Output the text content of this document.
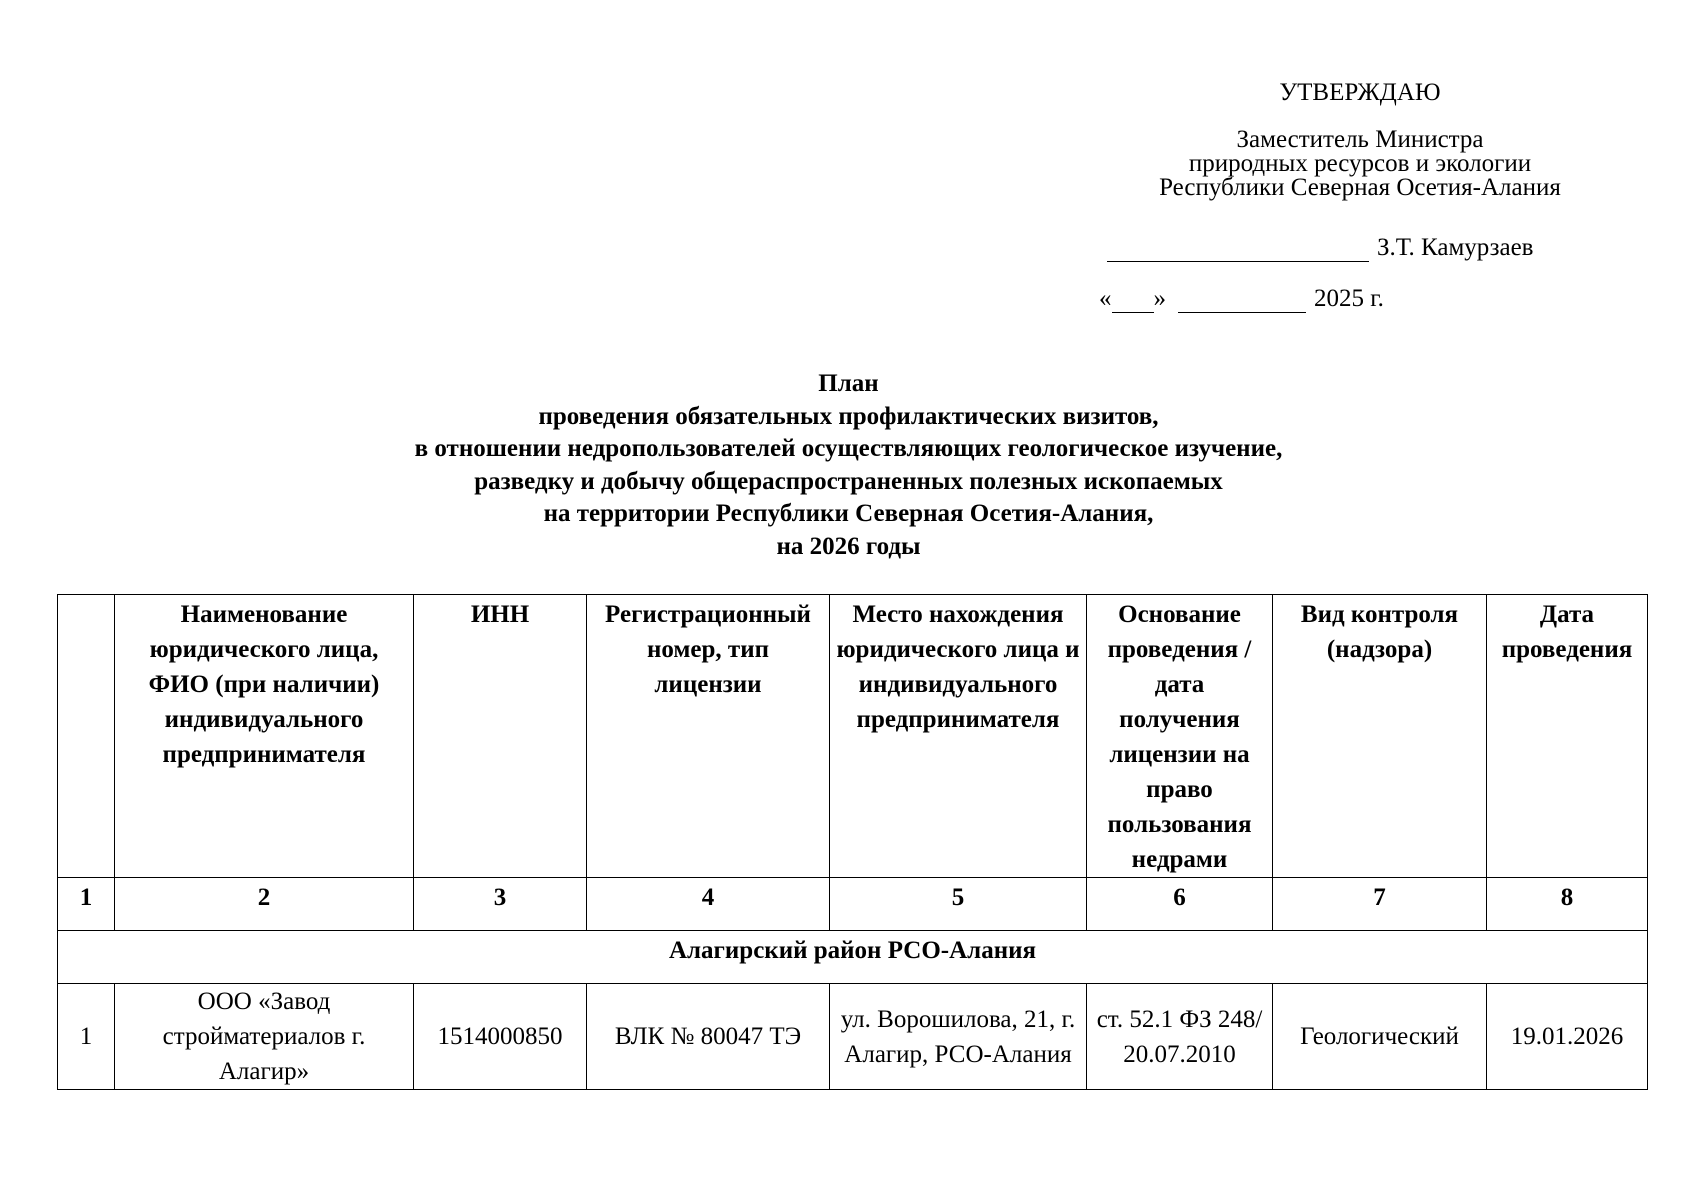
УТВЕРЖДАЮ
Заместитель Министра
природных ресурсов и экологии
Республики Северная Осетия-Алания
З.Т. Камурзаев
« »	2025 г.
План
проведения обязательных профилактических визитов,
в отношении недропользователей осуществляющих геологическое изучение,
разведку и добычу общераспространенных полезных ископаемых
на территории Республики Северная Осетия-Алания,
на 2026 годы
	Наименование юридического лица, ФИО (при наличии) индивидуального предпринимателя	ИНН	Регистрационный номер, тип лицензии	Место нахождения юридического лица и индивидуального предпринимателя	Основание проведения / дата получения лицензии на право пользования недрами	Вид контроля (надзора)	Дата проведения
1	2	3	4	5	6	7	8
Алагирский район РСО-Алания							
1	ООО «Завод стройматериалов г. Алагир»	1514000850	ВЛК № 80047 ТЭ	ул. Ворошилова, 21, г. Алагир, РСО-Алания	ст. 52.1 ФЗ 248/ 20.07.2010	Геологический	19.01.2026
